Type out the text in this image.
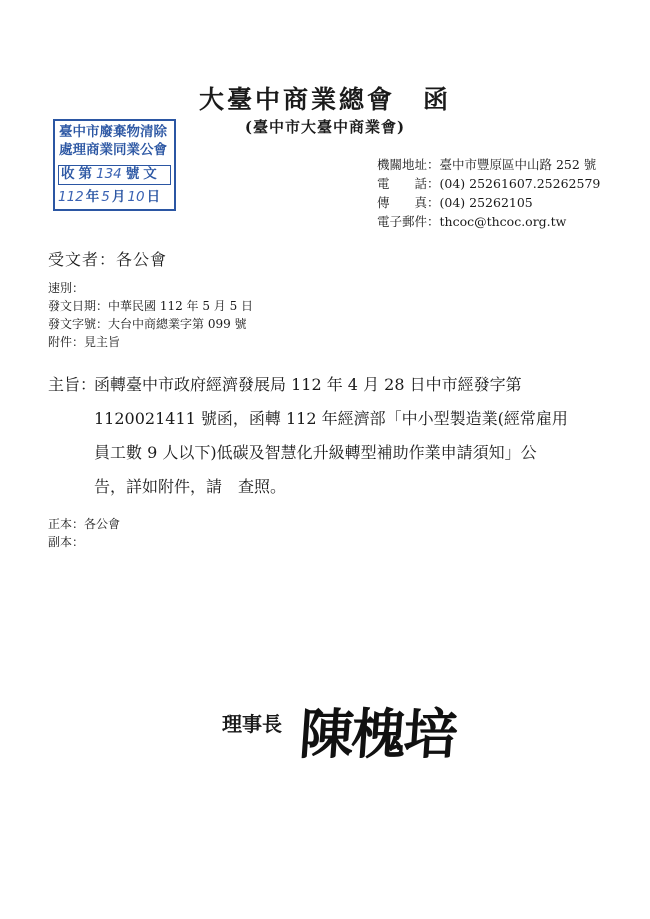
大臺中商業總會　函
(臺中市大臺中商業會)
臺中市廢棄物清除
處理商業同業公會
收 第 134 號 文
112 年 5 月 10 日
機關地址：臺中市豐原區中山路 252 號
電　　話：(04) 25261607.25262579
傳　　真：(04) 25262105
電子郵件：thcoc@thcoc.org.tw
受文者：各公會
速別：
發文日期：中華民國 112 年 5 月 5 日
發文字號：大台中商總業字第 099 號
附件：見主旨
主旨：
函轉臺中市政府經濟發展局 112 年 4 月 28 日中市經發字第
1120021411 號函，函轉 112 年經濟部「中小型製造業(經常雇用
員工數 9 人以下)低碳及智慧化升級轉型補助作業申請須知」公
告，詳如附件，請　查照。
正本：各公會
副本：
理事長 陳槐培
